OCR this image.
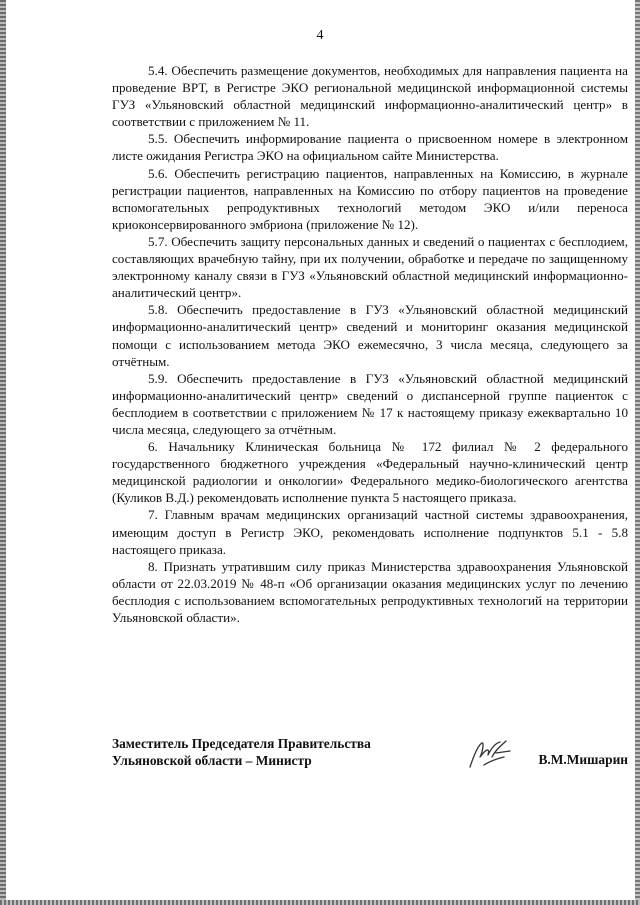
4

5.4. Обеспечить размещение документов, необходимых для направления пациента на проведение ВРТ, в Регистре ЭКО региональной медицинской информационной системы ГУЗ «Ульяновский областной медицинский информационно-аналитический центр» в соответствии с приложением № 11.

5.5. Обеспечить информирование пациента о присвоенном номере в электронном листе ожидания Регистра ЭКО на официальном сайте Министерства.

5.6. Обеспечить регистрацию пациентов, направленных на Комиссию, в журнале регистрации пациентов, направленных на Комиссию по отбору пациентов на проведение вспомогательных репродуктивных технологий методом ЭКО и/или переноса криоконсервированного эмбриона (приложение № 12).

5.7. Обеспечить защиту персональных данных и сведений о пациентах с бесплодием, составляющих врачебную тайну, при их получении, обработке и передаче по защищенному электронному каналу связи в ГУЗ «Ульяновский областной медицинский информационно-аналитический центр».

5.8. Обеспечить предоставление в ГУЗ «Ульяновский областной медицинский информационно-аналитический центр» сведений и мониторинг оказания медицинской помощи с использованием метода ЭКО ежемесячно, 3 числа месяца, следующего за отчётным.

5.9. Обеспечить предоставление в ГУЗ «Ульяновский областной медицинский информационно-аналитический центр» сведений о диспансерной группе пациенток с бесплодием в соответствии с приложением № 17 к настоящему приказу ежеквартально 10 числа месяца, следующего за отчётным.

6. Начальнику Клиническая больница № 172 филиал № 2 федерального государственного бюджетного учреждения «Федеральный научно-клинический центр медицинской радиологии и онкологии» Федерального медико-биологического агентства (Куликов В.Д.) рекомендовать исполнение пункта 5 настоящего приказа.

7. Главным врачам медицинских организаций частной системы здравоохранения, имеющим доступ в Регистр ЭКО, рекомендовать исполнение подпунктов 5.1 - 5.8 настоящего приказа.

8. Признать утратившим силу приказ Министерства здравоохранения Ульяновской области от 22.03.2019 № 48-п «Об организации оказания медицинских услуг по лечению бесплодия с использованием вспомогательных репродуктивных технологий на территории Ульяновской области».

Заместитель Председателя Правительства
Ульяновской области – Министр	В.М.Мишарин
